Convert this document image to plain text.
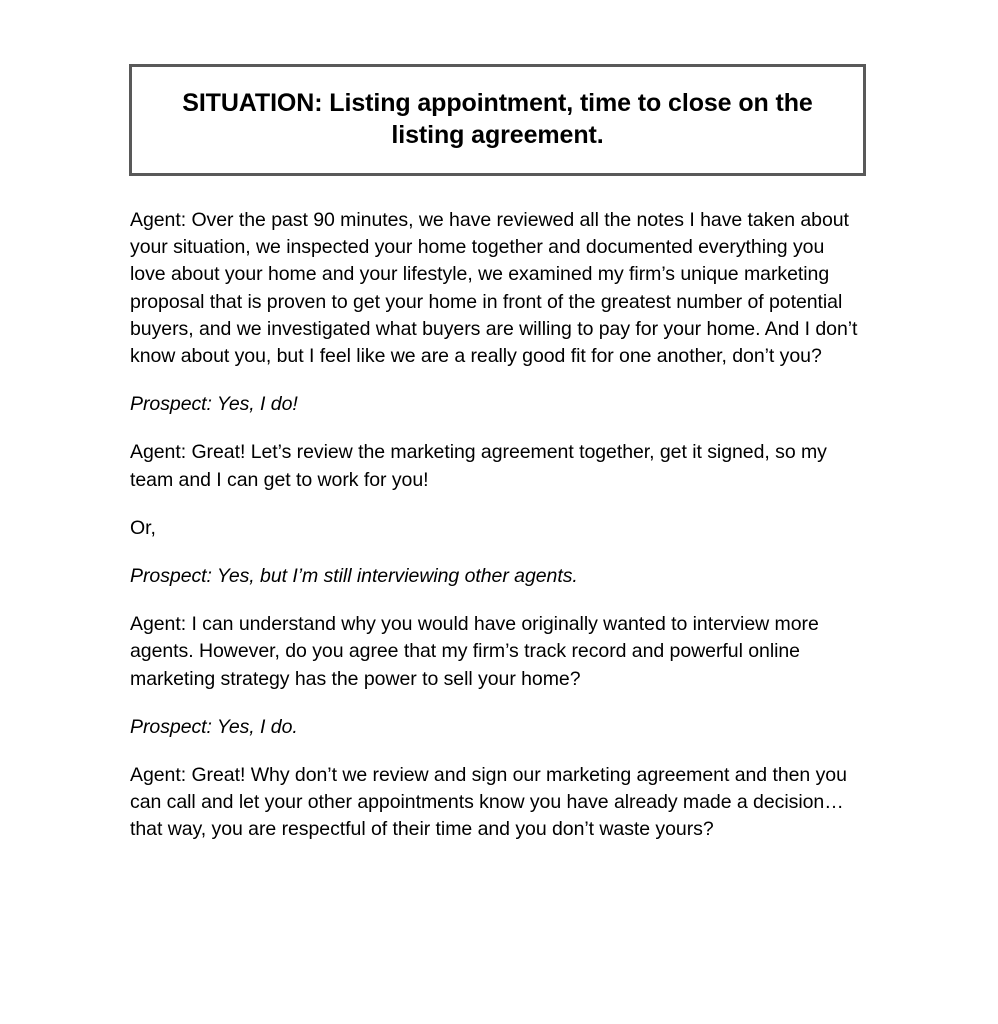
SITUATION: Listing appointment, time to close on the listing agreement.

Agent: Over the past 90 minutes, we have reviewed all the notes I have taken about your situation, we inspected your home together and documented everything you love about your home and your lifestyle, we examined my firm’s unique marketing proposal that is proven to get your home in front of the greatest number of potential buyers, and we investigated what buyers are willing to pay for your home. And I don’t know about you, but I feel like we are a really good fit for one another, don’t you?

Prospect: Yes, I do!

Agent: Great! Let’s review the marketing agreement together, get it signed, so my team and I can get to work for you!

Or,

Prospect: Yes, but I’m still interviewing other agents.

Agent: I can understand why you would have originally wanted to interview more agents. However, do you agree that my firm’s track record and powerful online marketing strategy has the power to sell your home?

Prospect: Yes, I do.

Agent: Great! Why don’t we review and sign our marketing agreement and then you can call and let your other appointments know you have already made a decision…that way, you are respectful of their time and you don’t waste yours?
